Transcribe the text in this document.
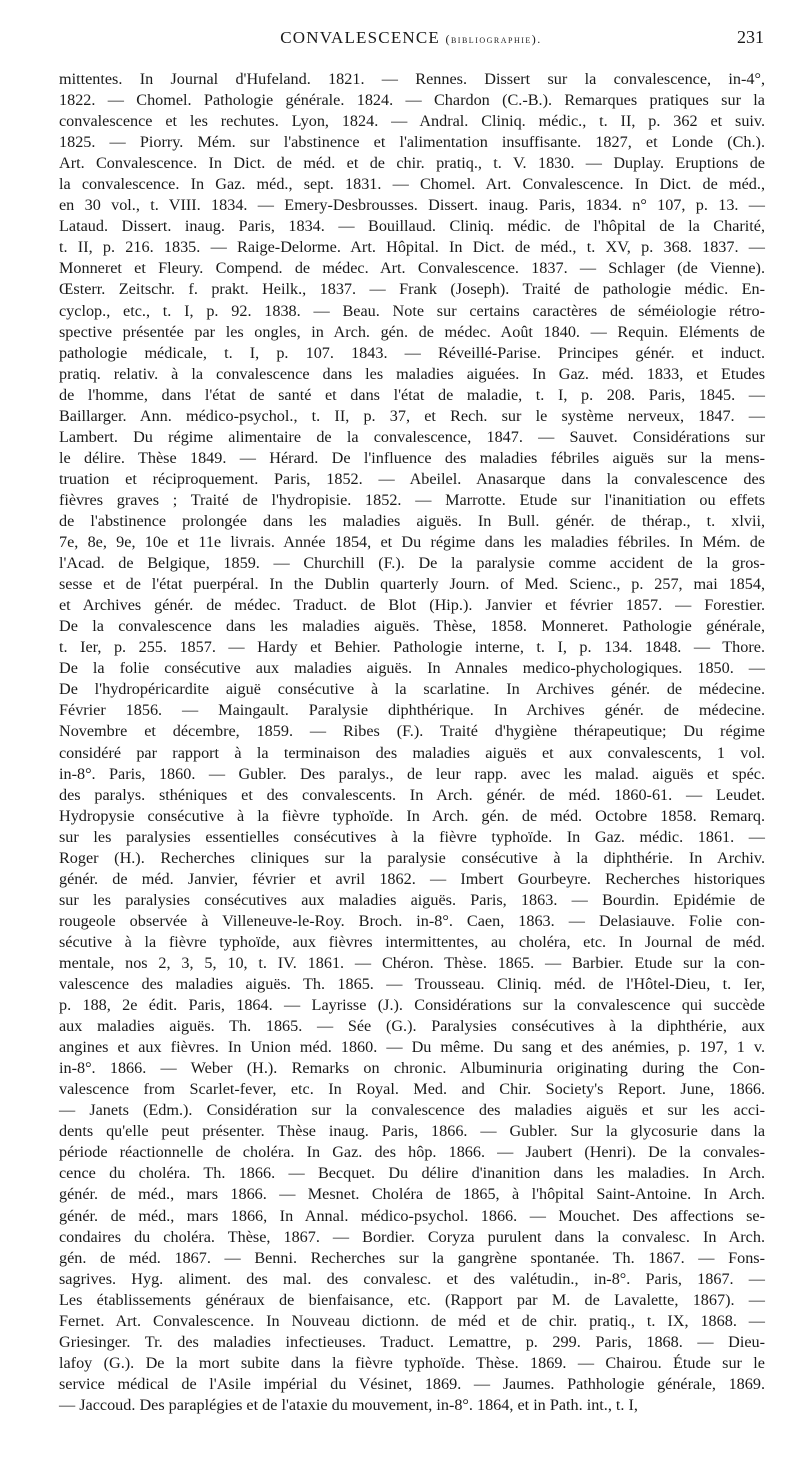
CONVALESCENCE (bibliographie).	231
mittentes. In Journal d'Hufeland. 1821. — Rennes. Dissert sur la convalescence, in-4°,
1822. — Chomel. Pathologie générale. 1824. — Chardon (C.-B.). Remarques pratiques sur la
convalescence et les rechutes. Lyon, 1824. — Andral. Cliniq. médic., t. II, p. 362 et suiv.
1825. — Piorry. Mém. sur l'abstinence et l'alimentation insuffisante. 1827, et Londe (Ch.).
Art. Convalescence. In Dict. de méd. et de chir. pratiq., t. V. 1830. — Duplay. Eruptions de
la convalescence. In Gaz. méd., sept. 1831. — Chomel. Art. Convalescence. In Dict. de méd.,
en 30 vol., t. VIII. 1834. — Emery-Desbrousses. Dissert. inaug. Paris, 1834. n° 107, p. 13. —
Lataud. Dissert. inaug. Paris, 1834. — Bouillaud. Cliniq. médic. de l'hôpital de la Charité,
t. II, p. 216. 1835. — Raige-Delorme. Art. Hôpital. In Dict. de méd., t. XV, p. 368. 1837. —
Monneret et Fleury. Compend. de médec. Art. Convalescence. 1837. — Schlager (de Vienne).
Œsterr. Zeitschr. f. prakt. Heilk., 1837. — Frank (Joseph). Traité de pathologie médic. En-
cyclop., etc., t. I, p. 92. 1838. — Beau. Note sur certains caractères de séméiologie rétro-
spective présentée par les ongles, in Arch. gén. de médec. Août 1840. — Requin. Eléments de
pathologie médicale, t. I, p. 107. 1843. — Réveillé-Parise. Principes génér. et induct.
pratiq. relativ. à la convalescence dans les maladies aiguées. In Gaz. méd. 1833, et Etudes
de l'homme, dans l'état de santé et dans l'état de maladie, t. I, p. 208. Paris, 1845. —
Baillarger. Ann. médico-psychol., t. II, p. 37, et Rech. sur le système nerveux, 1847. —
Lambert. Du régime alimentaire de la convalescence, 1847. — Sauvet. Considérations sur
le délire. Thèse 1849. — Hérard. De l'influence des maladies fébriles aiguës sur la mens-
truation et réciproquement. Paris, 1852. — Abeilel. Anasarque dans la convalescence des
fièvres graves ; Traité de l'hydropisie. 1852. — Marrotte. Etude sur l'inanitiation ou effets
de l'abstinence prolongée dans les maladies aiguës. In Bull. génér. de thérap., t. xlvii,
7e, 8e, 9e, 10e et 11e livrais. Année 1854, et Du régime dans les maladies fébriles. In Mém. de
l'Acad. de Belgique, 1859. — Churchill (F.). De la paralysie comme accident de la gros-
sesse et de l'état puerpéral. In the Dublin quarterly Journ. of Med. Scienc., p. 257, mai 1854,
et Archives génér. de médec. Traduct. de Blot (Hip.). Janvier et février 1857. — Forestier.
De la convalescence dans les maladies aiguës. Thèse, 1858. Monneret. Pathologie générale,
t. Ier, p. 255. 1857. — Hardy et Behier. Pathologie interne, t. I, p. 134. 1848. — Thore.
De la folie consécutive aux maladies aiguës. In Annales medico-phychologiques. 1850. —
De l'hydropéricardite aiguë consécutive à la scarlatine. In Archives génér. de médecine.
Février 1856. — Maingault. Paralysie diphthérique. In Archives génér. de médecine.
Novembre et décembre, 1859. — Ribes (F.). Traité d'hygiène thérapeutique; Du régime
considéré par rapport à la terminaison des maladies aiguës et aux convalescents, 1 vol.
in-8°. Paris, 1860. — Gubler. Des paralys., de leur rapp. avec les malad. aiguës et spéc.
des paralys. sthéniques et des convalescents. In Arch. génér. de méd. 1860-61. — Leudet.
Hydropysie consécutive à la fièvre typhoïde. In Arch. gén. de méd. Octobre 1858. Remarq.
sur les paralysies essentielles consécutives à la fièvre typhoïde. In Gaz. médic. 1861. —
Roger (H.). Recherches cliniques sur la paralysie consécutive à la diphthérie. In Archiv.
génér. de méd. Janvier, février et avril 1862. — Imbert Gourbeyre. Recherches historiques
sur les paralysies consécutives aux maladies aiguës. Paris, 1863. — Bourdin. Epidémie de
rougeole observée à Villeneuve-le-Roy. Broch. in-8°. Caen, 1863. — Delasiauve. Folie con-
sécutive à la fièvre typhoïde, aux fièvres intermittentes, au choléra, etc. In Journal de méd.
mentale, nos 2, 3, 5, 10, t. IV. 1861. — Chéron. Thèse. 1865. — Barbier. Etude sur la con-
valescence des maladies aiguës. Th. 1865. — Trousseau. Cliniq. méd. de l'Hôtel-Dieu, t. Ier,
p. 188, 2e édit. Paris, 1864. — Layrisse (J.). Considérations sur la convalescence qui succède
aux maladies aiguës. Th. 1865. — Sée (G.). Paralysies consécutives à la diphthérie, aux
angines et aux fièvres. In Union méd. 1860. — Du même. Du sang et des anémies, p. 197, 1 v.
in-8°. 1866. — Weber (H.). Remarks on chronic. Albuminuria originating during the Con-
valescence from Scarlet-fever, etc. In Royal. Med. and Chir. Society's Report. June, 1866.
— Janets (Edm.). Considération sur la convalescence des maladies aiguës et sur les acci-
dents qu'elle peut présenter. Thèse inaug. Paris, 1866. — Gubler. Sur la glycosurie dans la
période réactionnelle de choléra. In Gaz. des hôp. 1866. — Jaubert (Henri). De la convales-
cence du choléra. Th. 1866. — Becquet. Du délire d'inanition dans les maladies. In Arch.
génér. de méd., mars 1866. — Mesnet. Choléra de 1865, à l'hôpital Saint-Antoine. In Arch.
génér. de méd., mars 1866, In Annal. médico-psychol. 1866. — Mouchet. Des affections se-
condaires du choléra. Thèse, 1867. — Bordier. Coryza purulent dans la convalesc. In Arch.
gén. de méd. 1867. — Benni. Recherches sur la gangrène spontanée. Th. 1867. — Fons-
sagrives. Hyg. aliment. des mal. des convalesc. et des valétudin., in-8°. Paris, 1867. —
Les établissements généraux de bienfaisance, etc. (Rapport par M. de Lavalette, 1867). —
Fernet. Art. Convalescence. In Nouveau dictionn. de méd et de chir. pratiq., t. IX, 1868. —
Griesinger. Tr. des maladies infectieuses. Traduct. Lemattre, p. 299. Paris, 1868. — Dieu-
lafoy (G.). De la mort subite dans la fièvre typhoïde. Thèse. 1869. — Chairou. Étude sur le
service médical de l'Asile impérial du Vésinet, 1869. — Jaumes. Pathhologie générale, 1869.
— Jaccoud. Des paraplégies et de l'ataxie du mouvement, in-8°. 1864, et in Path. int., t. I,
